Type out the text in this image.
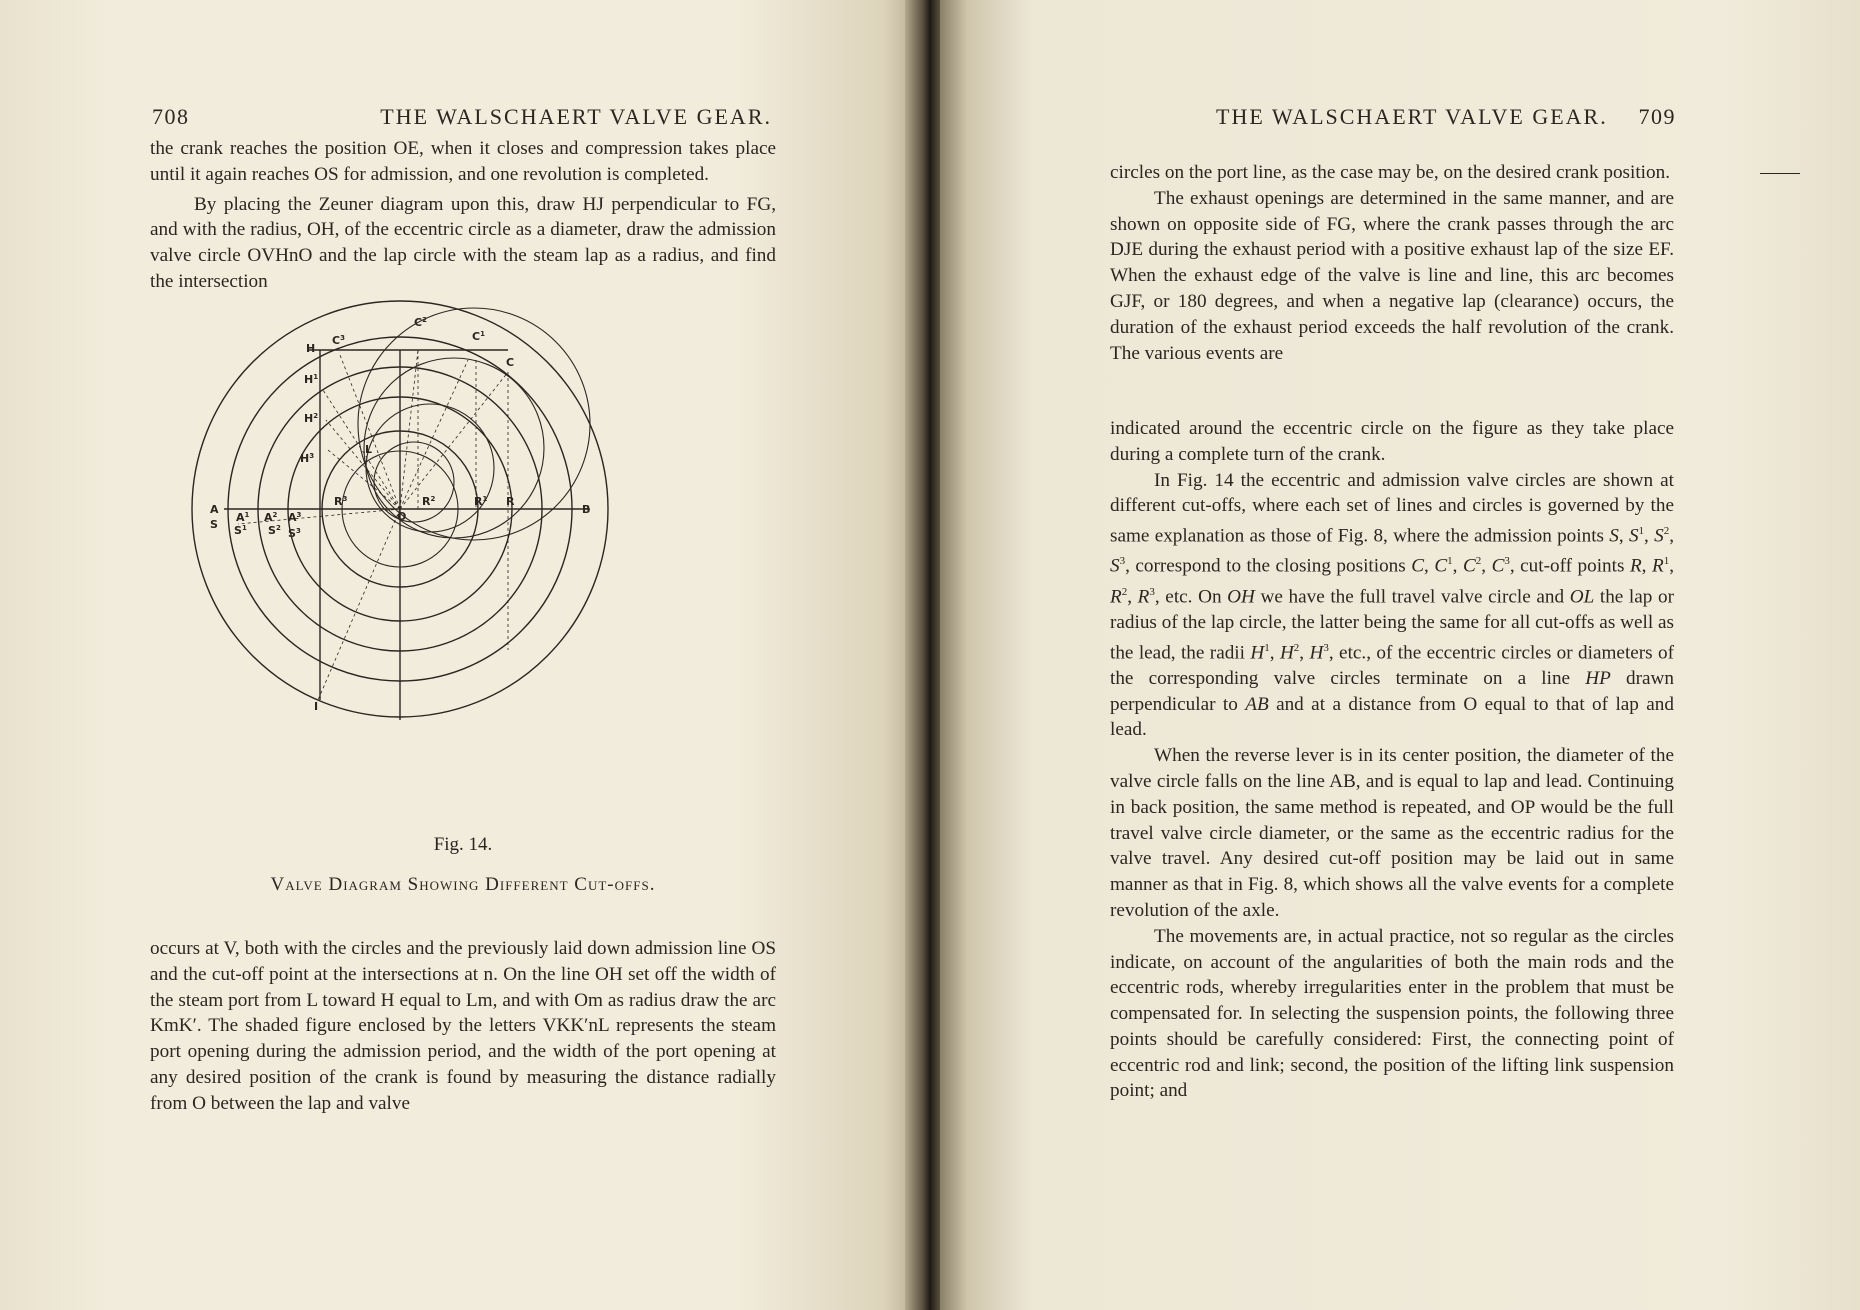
708	THE WALSCHAERT VALVE GEAR.

the crank reaches the position OE, when it closes and compression takes place until it again reaches OS for admission, and one revolution is completed.

By placing the Zeuner diagram upon this, draw HJ perpendicular to FG, and with the radius, OH, of the eccentric circle as a diameter, draw the admission valve circle OVHnO and the lap circle with the steam lap as a radius, and find the intersection

A
S
B
O
I
C
$C^1$
$C^2$
$C^3$
H
$H^1$
$H^2$
$H^3$	L
R
$R^1$
$R^2$
$R^3$
$A^1$ $A^2$ $A^3$
$S^1$ $S^2$ $S^3$
Fig. 14.
Valve Diagram Showing Different Cut-offs.

occurs at V, both with the circles and the previously laid down admission line OS and the cut-off point at the intersections at n. On the line OH set off the width of the steam port from L toward H equal to Lm, and with Om as radius draw the arc KmK′. The shaded figure enclosed by the letters VKK′nL represents the steam port opening during the admission period, and the width of the port opening at any desired position of the crank is found by measuring the distance radially from O between the lap and valve

THE WALSCHAERT VALVE GEAR. 709

circles on the port line, as the case may be, on the desired crank position.

The exhaust openings are determined in the same manner, and are shown on opposite side of FG, where the crank passes through the arc DJE during the exhaust period with a positive exhaust lap of the size EF. When the exhaust edge of the valve is line and line, this arc becomes GJF, or 180 degrees, and when a negative lap (clearance) occurs, the duration of the exhaust period exceeds the half revolution of the crank. The various events are

indicated around the eccentric circle on the figure as they take place during a complete turn of the crank.

In Fig. 14 the eccentric and admission valve circles are shown at different cut-offs, where each set of lines and circles is governed by the same explanation as those of Fig. 8, where the admission points S, $S^1$, $S^2$, $S^3$, correspond to the closing positions C, $C^1$, $C^2$, $C^3$, cut-off points R, $R^1$, $R^2$, $R^3$, etc. On OH we have the full travel valve circle and OL the lap or radius of the lap circle, the latter being the same for all cut-offs as well as the lead, the radii $H^1$, $H^2$, $H^3$, etc., of the eccentric circles or diameters of the corresponding valve circles terminate on a line HP drawn perpendicular to AB and at a distance from O equal to that of lap and lead.

When the reverse lever is in its center position, the diameter of the valve circle falls on the line AB, and is equal to lap and lead. Continuing in back position, the same method is repeated, and OP would be the full travel valve circle diameter, or the same as the eccentric radius for the valve travel. Any desired cut-off position may be laid out in same manner as that in Fig. 8, which shows all the valve events for a complete revolution of the axle.

The movements are, in actual practice, not so regular as the circles indicate, on account of the angularities of both the main rods and the eccentric rods, whereby irregularities enter in the problem that must be compensated for. In selecting the suspension points, the following three points should be carefully considered: First, the connecting point of eccentric rod and link; second, the position of the lifting link suspension point; and
